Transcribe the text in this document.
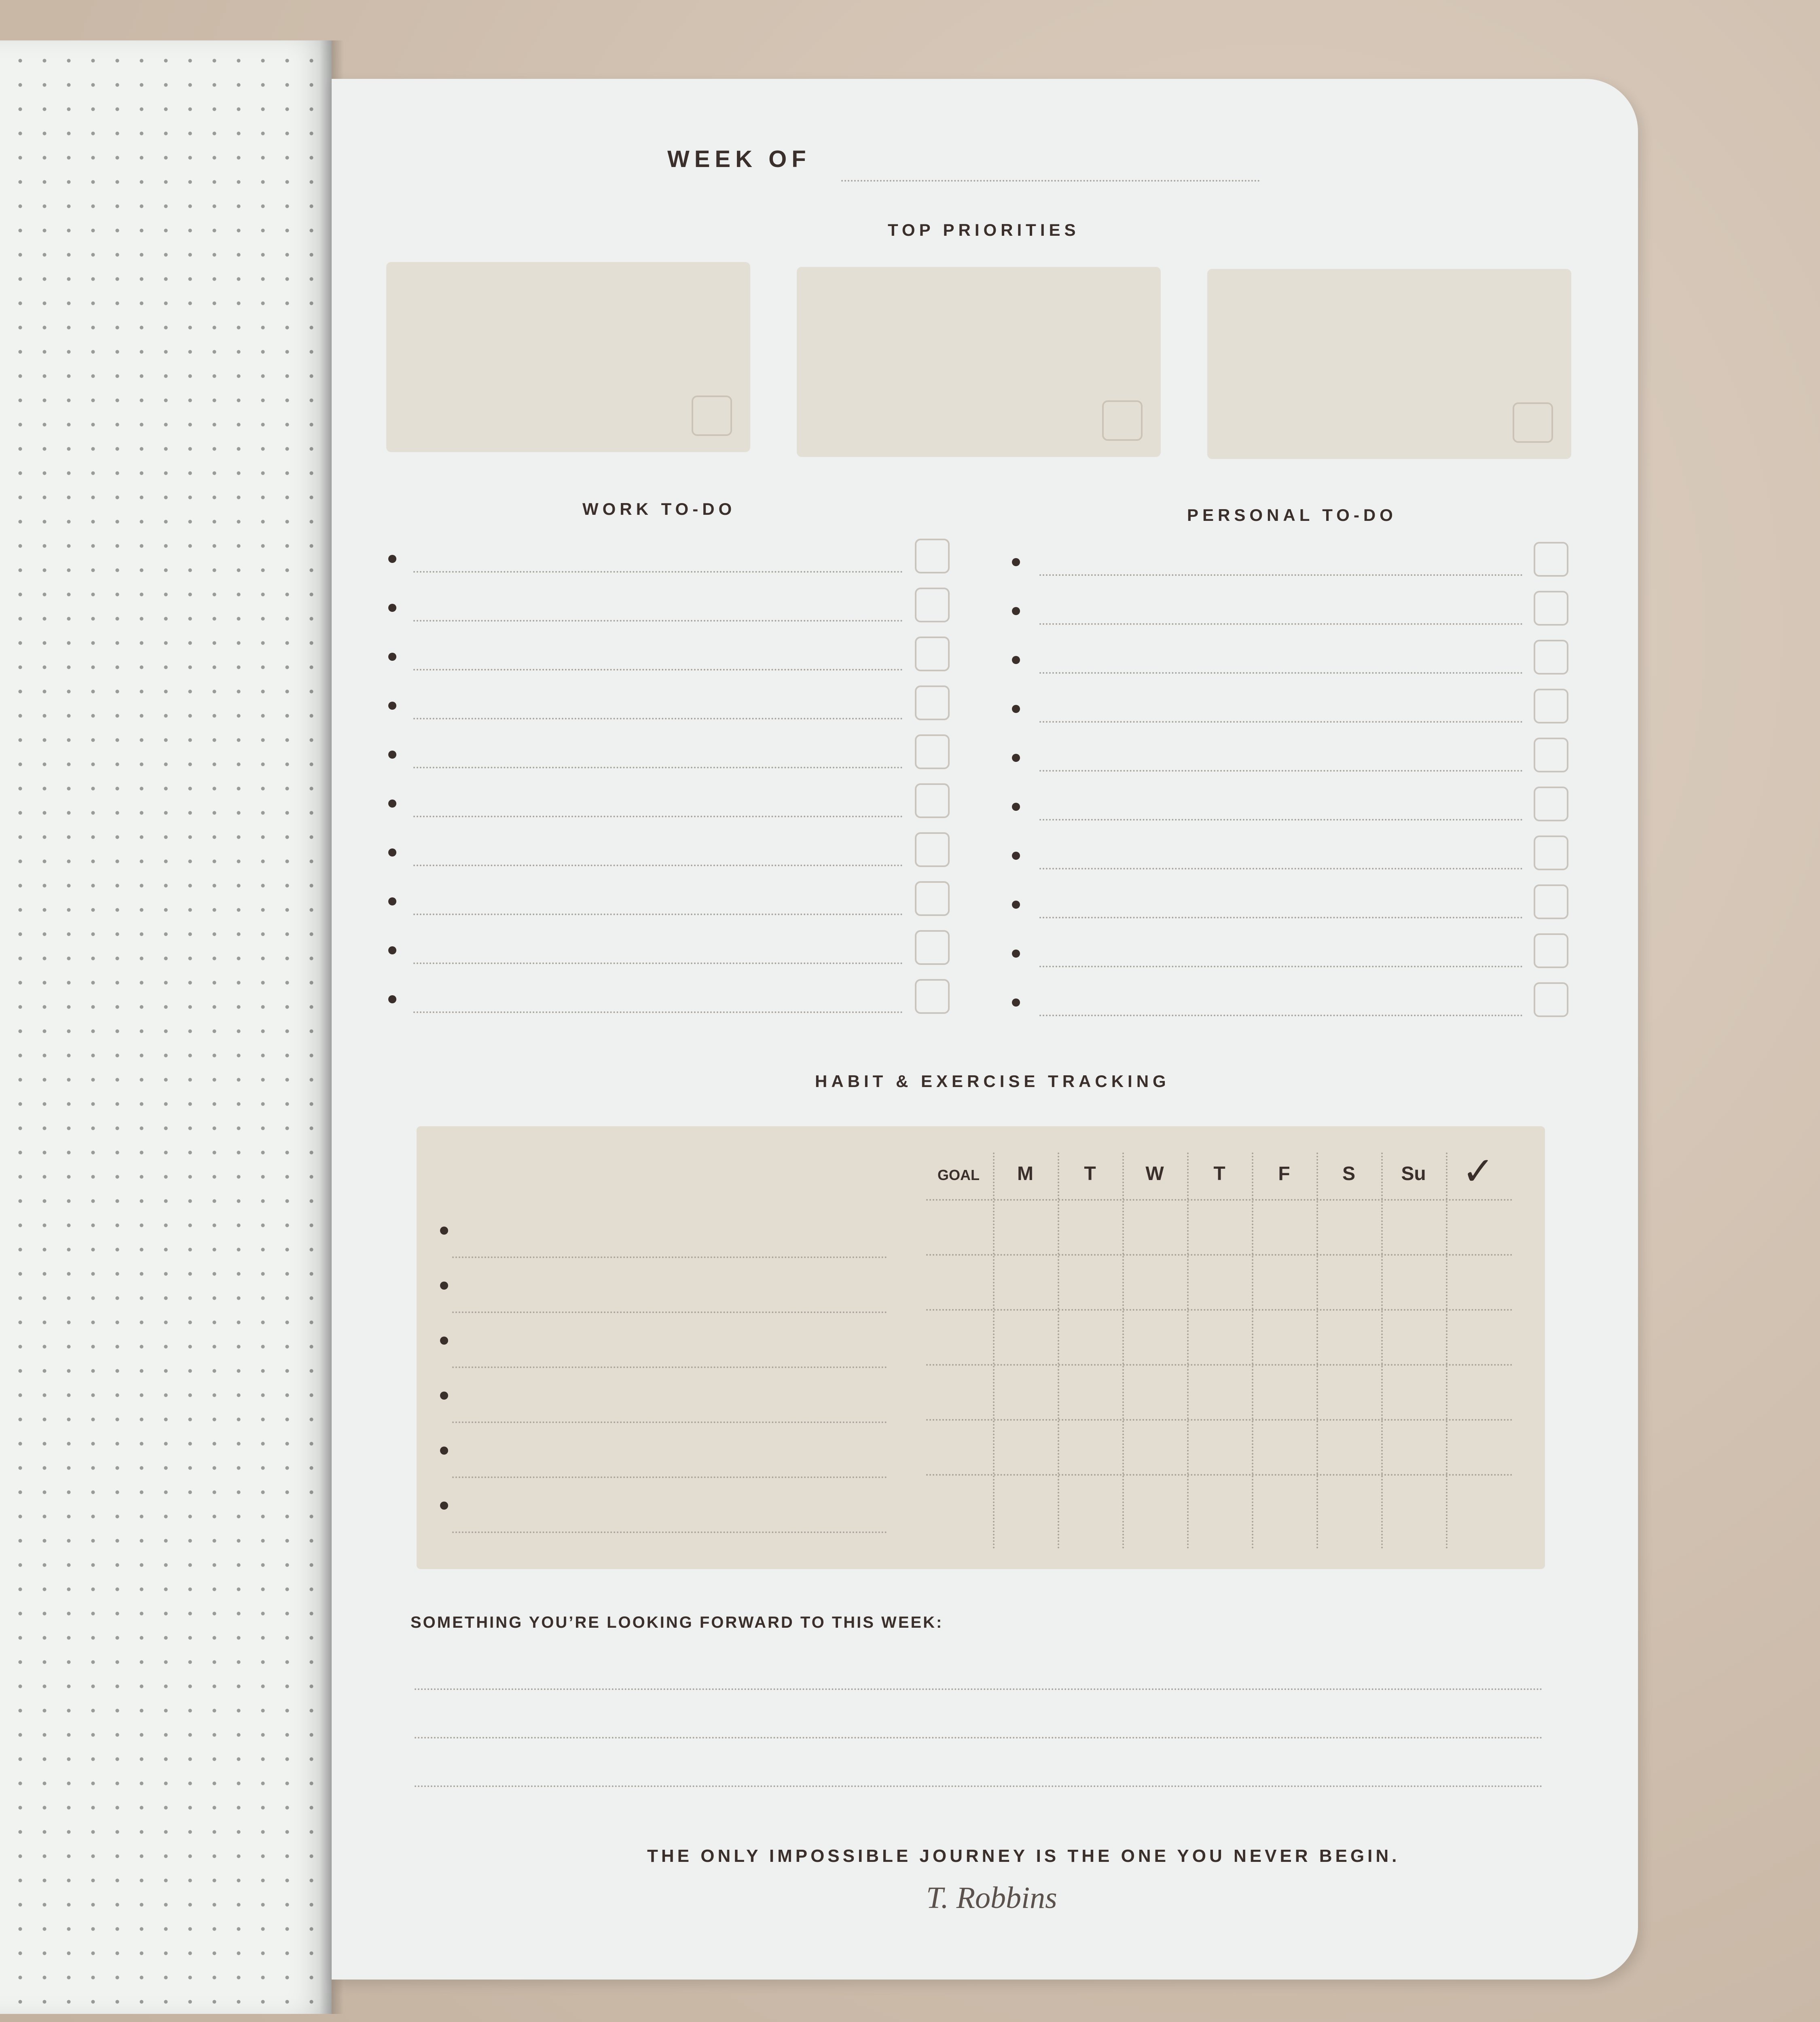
WEEK OF
TOP PRIORITIES
WORK TO-DO	PERSONAL TO-DO
HABIT & EXERCISE TRACKING
SOMETHING YOU’RE LOOKING FORWARD TO THIS WEEK:
THE ONLY IMPOSSIBLE JOURNEY IS THE ONE YOU NEVER BEGIN.
T. Robbins
GOAL	M	T	W	T	F	S	Su ✓
